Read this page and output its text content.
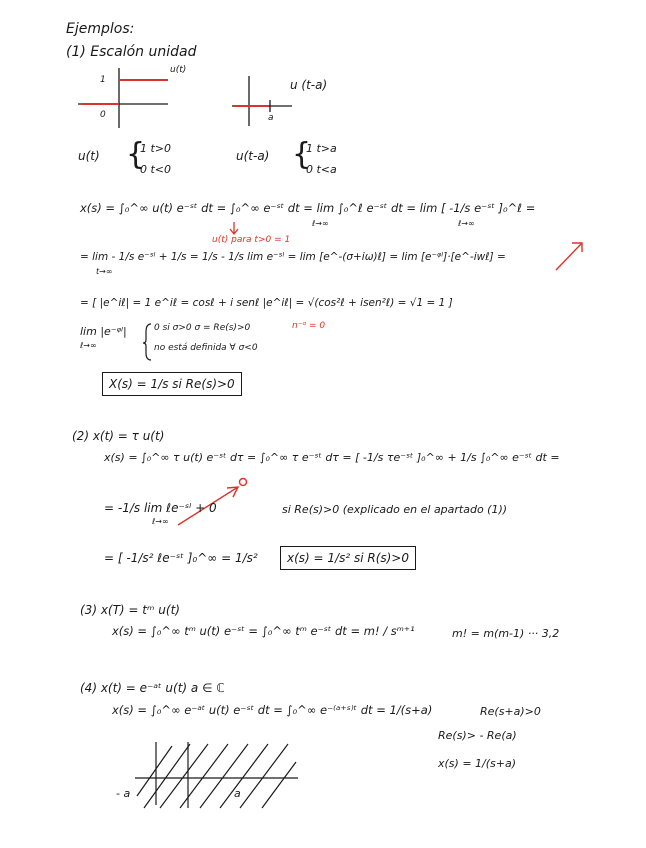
Ejemplos:
(1) Escalón unidad
u(t)
1
0
u (t-a)
a
u(t) {
1 t>0
0 t<0
u(t-a) {
1 t>a
0 t<a
x(s) = ∫₀^∞ u(t) e⁻ˢᵗ dt = ∫₀^∞ e⁻ˢᵗ dt = lim ∫₀^ℓ e⁻ˢᵗ dt = lim [ -1/s e⁻ˢᵗ ]₀^ℓ =
ℓ→∞	ℓ→∞
u(t) para t>0 = 1
= lim - 1/s e⁻ˢˡ + 1/s = 1/s - 1/s lim e⁻ˢˡ = lim [e^-(σ+iω)ℓ] = lim [e⁻ᵠˡ]·[e^-iwℓ] =
t→∞
= [ |e^iℓ| = 1 e^iℓ = cosℓ + i senℓ |e^iℓ| = √(cos²ℓ + isen²ℓ) = √1 = 1 ]
lim |e⁻ᵠˡ|
ℓ→∞
0 si σ>0 σ = Re(s)>0	n⁻ᵅ = 0
no está definida ∀ σ<0
X(s) = 1/s si Re(s)>0
(2) x(t) = τ u(t)
x(s) = ∫₀^∞ τ u(t) e⁻ˢᵗ dτ = ∫₀^∞ τ e⁻ˢᵗ dτ = [ -1/s τe⁻ˢᵗ ]₀^∞ + 1/s ∫₀^∞ e⁻ˢᵗ dt =
= -1/s lim ℓe⁻ˢˡ + 0
ℓ→∞
si Re(s)>0 (explicado en el apartado (1))
= [ -1/s² ℓe⁻ˢᵗ ]₀^∞ = 1/s²	x(s) = 1/s² si R(s)>0
(3) x(T) = tᵐ u(t)
x(s) = ∫₀^∞ tᵐ u(t) e⁻ˢᵗ = ∫₀^∞ tᵐ e⁻ˢᵗ dt = m! / sᵐ⁺¹	m! = m(m-1) ··· 3,2
(4) x(t) = e⁻ᵃᵗ u(t) a ∈ ℂ
x(s) = ∫₀^∞ e⁻ᵃᵗ u(t) e⁻ˢᵗ dt = ∫₀^∞ e⁻⁽ᵃ⁺ˢ⁾ᵗ dt = 1/(s+a)	Re(s+a)>0
Re(s)> - Re(a)
x(s) = 1/(s+a)
- a	a
